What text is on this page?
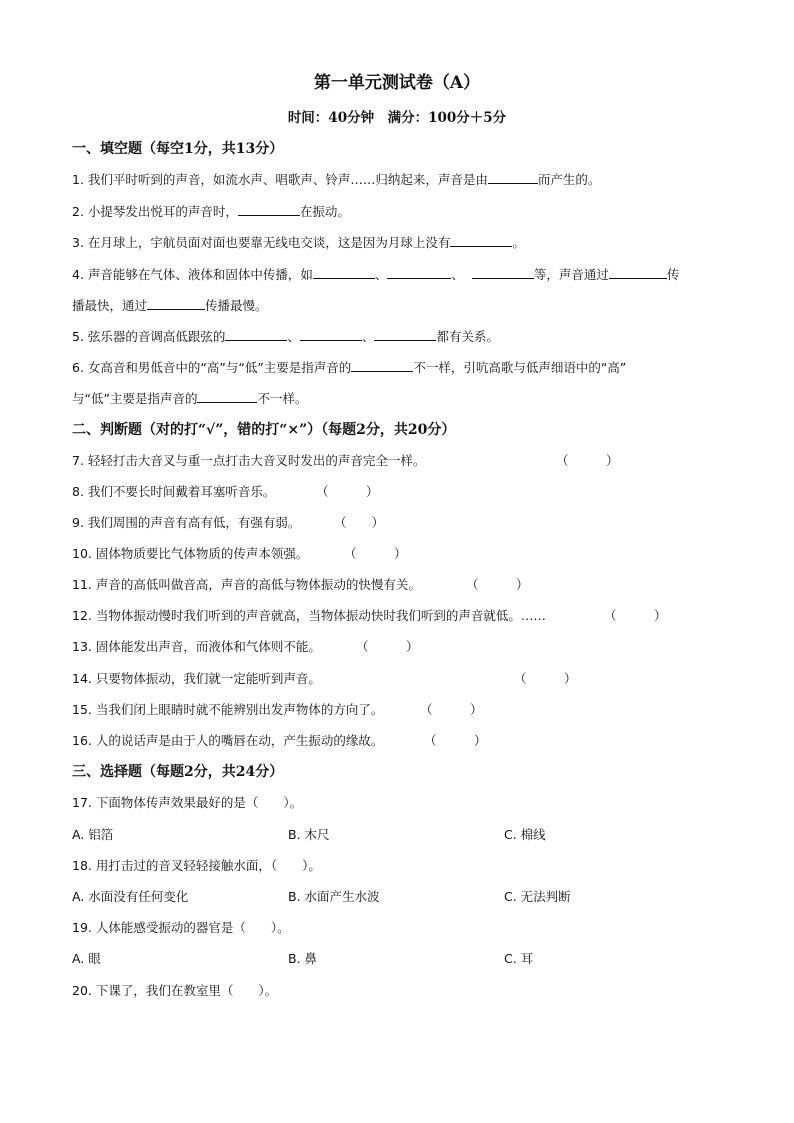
第一单元测试卷（A）
时间：40分钟　满分：100分＋5分
一、填空题（每空1分，共13分）
1. 我们平时听到的声音，如流水声、唱歌声、铃声……归纳起来，声音是由	而产生的。
2. 小提琴发出悦耳的声音时，	在振动。
3. 在月球上，宇航员面对面也要靠无线电交谈，这是因为月球上没有	。
4. 声音能够在气体、液体和固体中传播，如	、	、	等，声音通过	传
播最快，通过	传播最慢。
5. 弦乐器的音调高低跟弦的	、	、	都有关系。
6. 女高音和男低音中的“高”与“低”主要是指声音的	不一样，引吭高歌与低声细语中的“高”
与“低”主要是指声音的	不一样。
二、判断题（对的打“√”，错的打“×”）（每题2分，共20分）
7. 轻轻打击大音叉与重一点打击大音叉时发出的声音完全一样。	（　　　）
8. 我们不要长时间戴着耳塞听音乐。	（　　　）
9. 我们周围的声音有高有低，有强有弱。	（　　）
10. 固体物质要比气体物质的传声本领强。	（　　　）
11. 声音的高低叫做音高，声音的高低与物体振动的快慢有关。	（　　　）
12. 当物体振动慢时我们听到的声音就高，当物体振动快时我们听到的声音就低。……	（　　　）
13. 固体能发出声音，而液体和气体则不能。	（　　　）
14. 只要物体振动，我们就一定能听到声音。	（　　　）
15. 当我们闭上眼睛时就不能辨别出发声物体的方向了。	（　　　）
16. 人的说话声是由于人的嘴唇在动，产生振动的缘故。	（　　　）
三、选择题（每题2分，共24分）
17. 下面物体传声效果最好的是（　　）。
A. 铝箔	B. 木尺	C. 棉线
18. 用打击过的音叉轻轻接触水面，（　　）。
A. 水面没有任何变化	B. 水面产生水波	C. 无法判断
19. 人体能感受振动的器官是（　　）。
A. 眼	B. 鼻	C. 耳
20. 下课了，我们在教室里（　　）。
